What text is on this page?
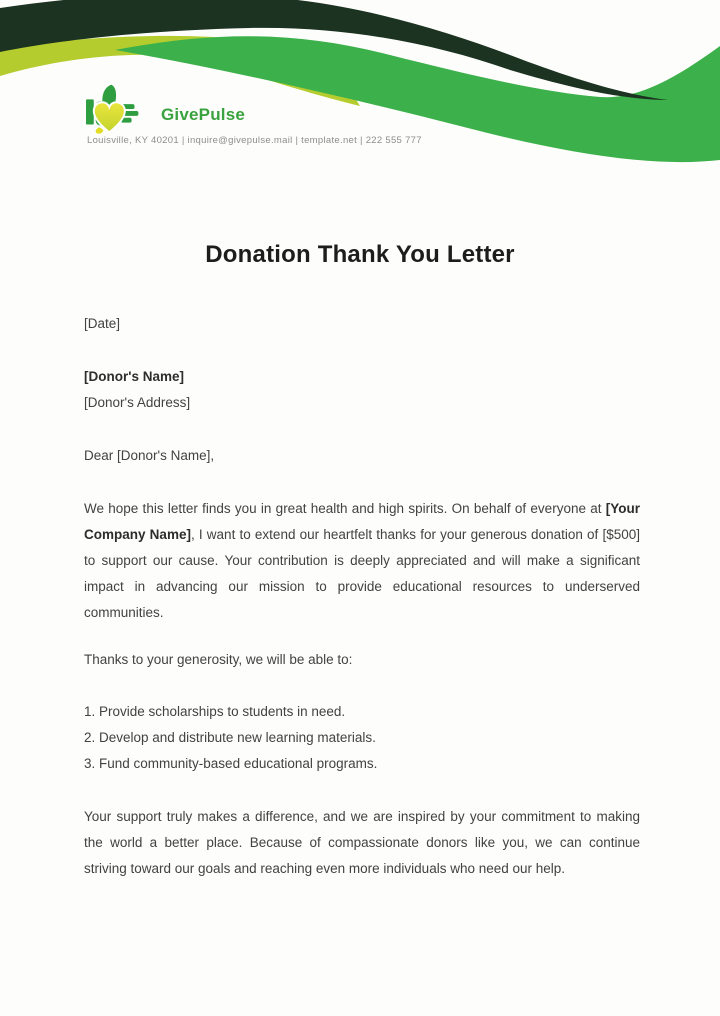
GivePulse
Louisville, KY 40201 | inquire@givepulse.mail | template.net | 222 555 777
Donation Thank You Letter

[Date]

[Donor's Name]

[Donor's Address]

Dear [Donor's Name],

We hope this letter finds you in great health and high spirits. On behalf of everyone at [Your Company Name], I want to extend our heartfelt thanks for your generous donation of [$500] to support our cause. Your contribution is deeply appreciated and will make a significant impact in advancing our mission to provide educational resources to underserved communities.

Thanks to your generosity, we will be able to:

1. Provide scholarships to students in need.
2. Develop and distribute new learning materials.
3. Fund community-based educational programs.

Your support truly makes a difference, and we are inspired by your commitment to making the world a better place. Because of compassionate donors like you, we can continue striving toward our goals and reaching even more individuals who need our help.
